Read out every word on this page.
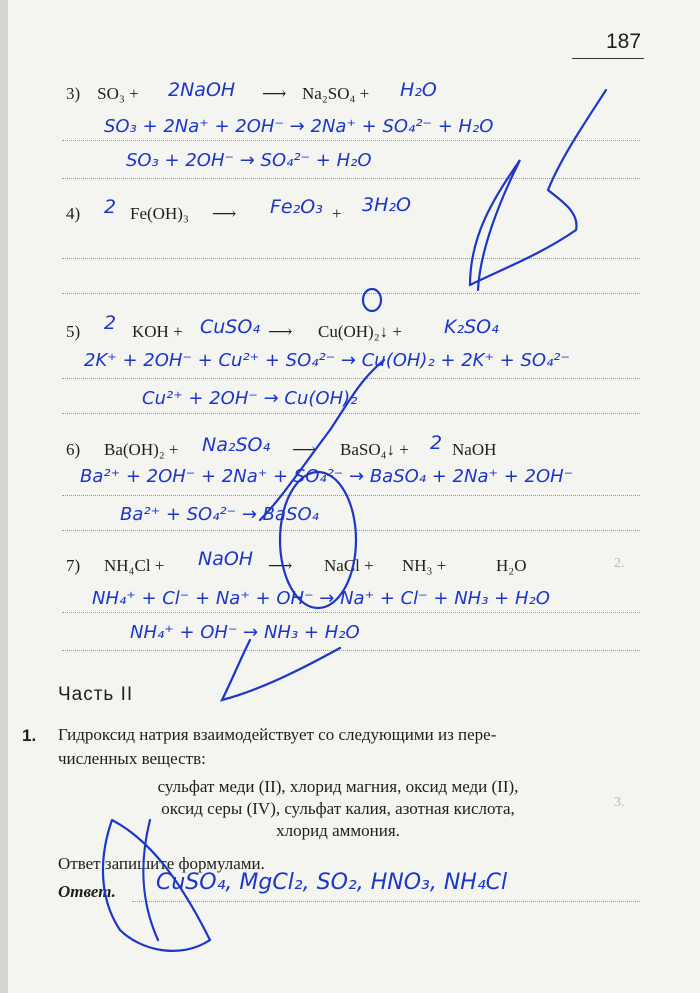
187
2.
3.
3) SO₃ + 2NaOH ⟶ Na₂SO₄ + H₂O
SO₃ + 2Na⁺ + 2OH⁻ → 2Na⁺ + SO₄²⁻ + H₂O
SO₃ + 2OH⁻ → SO₄²⁻ + H₂O
4) 2 Fe(OH)₃ ⟶ Fe₂O₃ + 3H₂O
5) 2 KOH + CuSO₄ ⟶ Cu(OH)₂↓ + K₂SO₄
2K⁺ + 2OH⁻ + Cu²⁺ + SO₄²⁻ → Cu(OH)₂ + 2K⁺ + SO₄²⁻
Cu²⁺ + 2OH⁻ → Cu(OH)₂
6) Ba(OH)₂ + Na₂SO₄ ⟶ BaSO₄↓ + 2 NaOH
Ba²⁺ + 2OH⁻ + 2Na⁺ + SO₄²⁻ → BaSO₄ + 2Na⁺ + 2OH⁻
Ba²⁺ + SO₄²⁻ → BaSO₄
7) NH₄Cl + NaOH ⟶ NaCl + NH₃ +	H₂O
NH₄⁺ + Cl⁻ + Na⁺ + OH⁻ → Na⁺ + Cl⁻ + NH₃ + H₂O
NH₄⁺ + OH⁻ → NH₃ + H₂O
Часть II
1. Гидроксид натрия взаимодействует со следующими из пере-
численных веществ:
сульфат меди (II), хлорид магния, оксид меди (II),
оксид серы (IV), сульфат калия, азотная кислота,
хлорид аммония.
Ответ запишите формулами.
Ответ. CuSO₄, MgCl₂, SO₂, HNO₃, NH₄Cl
